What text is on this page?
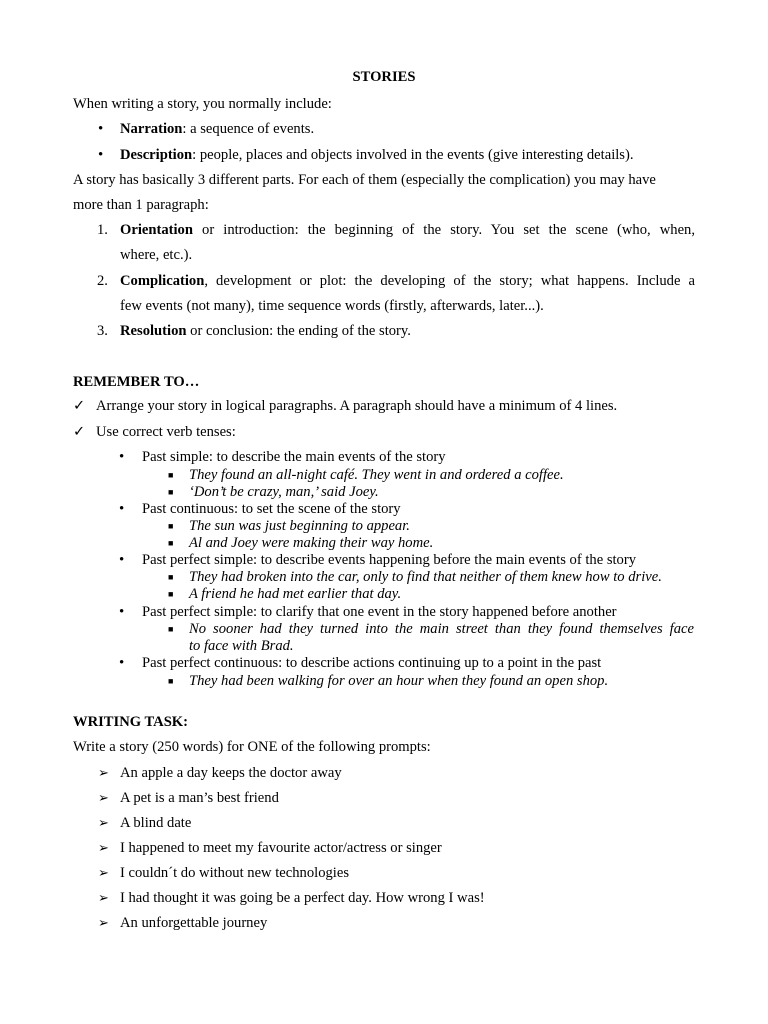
STORIES
When writing a story, you normally include:
• Narration: a sequence of events.
• Description: people, places and objects involved in the events (give interesting details).
A story has basically 3 different parts. For each of them (especially the complication) you may have
more than 1 paragraph:
1. Orientation or introduction: the beginning of the story. You set the scene (who, when,
where, etc.).
2. Complication, development or plot: the developing of the story; what happens. Include a
few events (not many), time sequence words (firstly, afterwards, later...).
3. Resolution or conclusion: the ending of the story.
REMEMBER TO…
✓ Arrange your story in logical paragraphs. A paragraph should have a minimum of 4 lines.
✓ Use correct verb tenses:
• Past simple: to describe the main events of the story
■ They found an all-night café. They went in and ordered a coffee.
■ ‘Don’t be crazy, man,’ said Joey.
• Past continuous: to set the scene of the story
■ The sun was just beginning to appear.
■ Al and Joey were making their way home.
• Past perfect simple: to describe events happening before the main events of the story
■ They had broken into the car, only to find that neither of them knew how to drive.
■ A friend he had met earlier that day.
• Past perfect simple: to clarify that one event in the story happened before another
■ No sooner had they turned into the main street than they found themselves face
to face with Brad.
• Past perfect continuous: to describe actions continuing up to a point in the past
■ They had been walking for over an hour when they found an open shop.
WRITING TASK:
Write a story (250 words) for ONE of the following prompts:
➢ An apple a day keeps the doctor away
➢ A pet is a man’s best friend
➢ A blind date
➢ I happened to meet my favourite actor/actress or singer
➢ I couldn´t do without new technologies
➢ I had thought it was going be a perfect day. How wrong I was!
➢ An unforgettable journey
